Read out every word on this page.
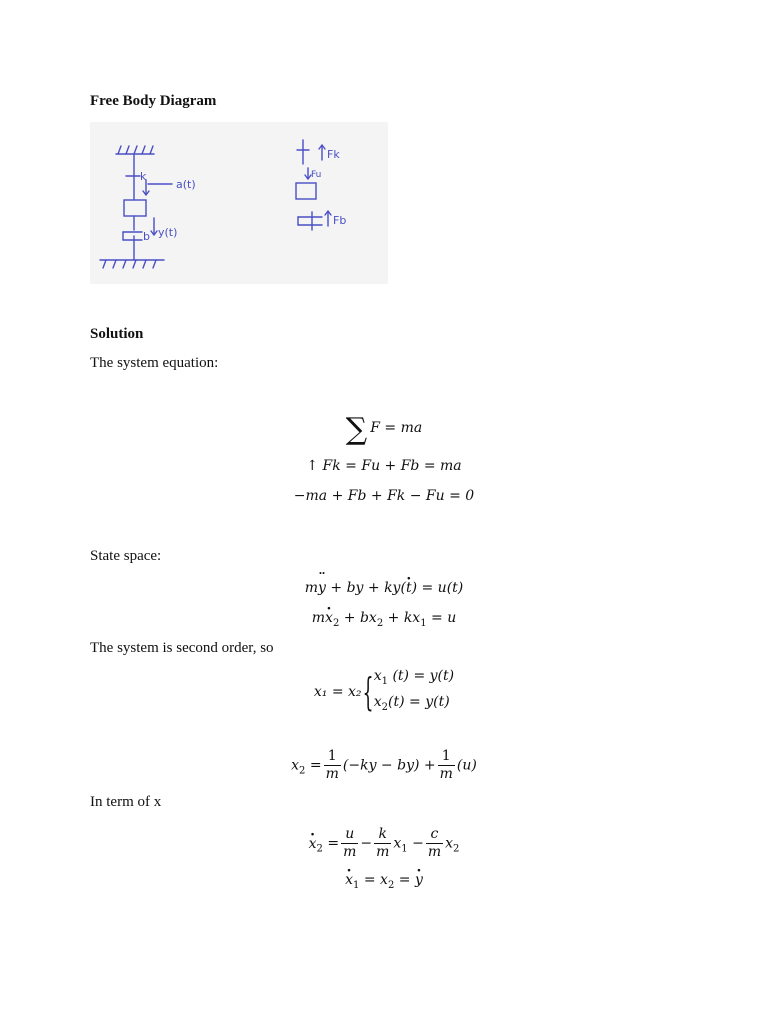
Free Body Diagram
k
a(t)
y(t)
b
Fk
Fu
Fb
Solution
The system equation:
∑ F = ma
↑ Fk = Fu + Fb = ma
−ma + Fb + Fk − Fu = 0
State space:
my ¨ + by + ky(t ·) = u(t)
mx $\cdot_2 + bx_2 + kx_1 = u$
The system is second order, so
$x_1 = x_2\{x_1$ (t) = y(t)
$x_2(t) = y(t)$
$x_2 = \frac{1}{m} (-ky - by) + \frac{1}{m} (u)$
In term of x
$x \cdot_2 = \frac{u}{m} - \frac{k}{m} x_1 - \frac{c}{m} x_2$
$x \cdot_1 = x_2 = y$ ·
